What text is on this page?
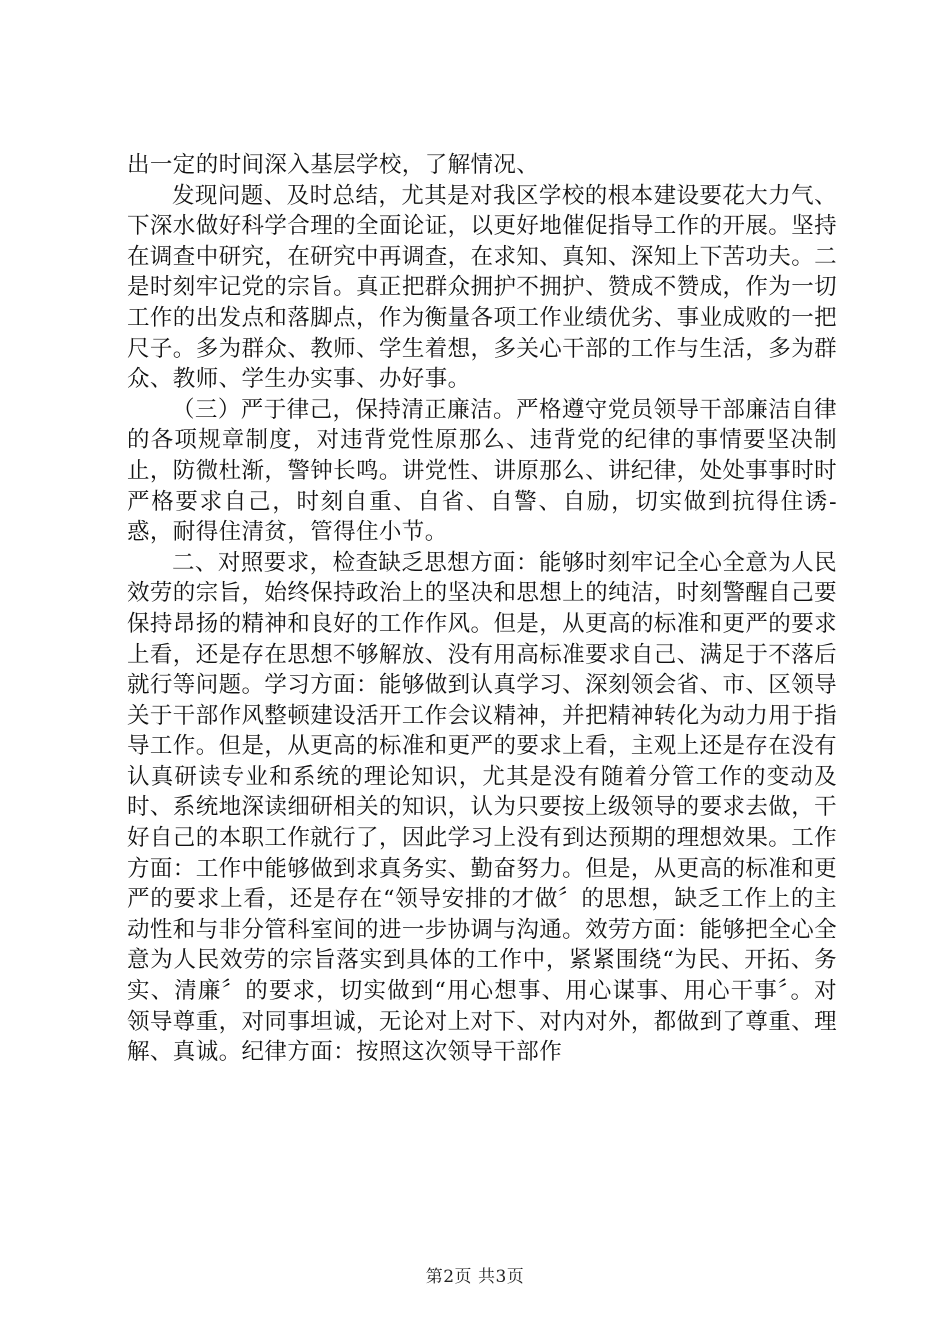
出一定的时间深入基层学校，了解情况、

发现问题、及时总结，尤其是对我区学校的根本建设要花大力气、下深水做好科学合理的全面论证，以更好地催促指导工作的开展。坚持在调查中研究，在研究中再调查，在求知、真知、深知上下苦功夫。二是时刻牢记党的宗旨。真正把群众拥护不拥护、赞成不赞成，作为一切工作的出发点和落脚点，作为衡量各项工作业绩优劣、事业成败的一把尺子。多为群众、教师、学生着想，多关心干部的工作与生活，多为群众、教师、学生办实事、办好事。

（三）严于律己，保持清正廉洁。严格遵守党员领导干部廉洁自律的各项规章制度，对违背党性原那么、违背党的纪律的事情要坚决制止，防微杜渐，警钟长鸣。讲党性、讲原那么、讲纪律，处处事事时时严格要求自己，时刻自重、自省、自警、自励，切实做到抗得住诱-惑，耐得住清贫，管得住小节。

二、对照要求，检查缺乏思想方面：能够时刻牢记全心全意为人民效劳的宗旨，始终保持政治上的坚决和思想上的纯洁，时刻警醒自己要保持昂扬的精神和良好的工作作风。但是，从更高的标准和更严的要求上看，还是存在思想不够解放、没有用高标准要求自己、满足于不落后就行等问题。学习方面：能够做到认真学习、深刻领会省、市、区领导关于干部作风整顿建设活开工作会议精神，并把精神转化为动力用于指导工作。但是，从更高的标准和更严的要求上看，主观上还是存在没有认真研读专业和系统的理论知识，尤其是没有随着分管工作的变动及时、系统地深读细研相关的知识，认为只要按上级领导的要求去做，干好自己的本职工作就行了，因此学习上没有到达预期的理想效果。工作方面：工作中能够做到求真务实、勤奋努力。但是，从更高的标准和更严的要求上看，还是存在“领导安排的才做〞的思想，缺乏工作上的主动性和与非分管科室间的进一步协调与沟通。效劳方面：能够把全心全意为人民效劳的宗旨落实到具体的工作中，紧紧围绕“为民、开拓、务实、清廉〞的要求，切实做到“用心想事、用心谋事、用心干事〞。对领导尊重，对同事坦诚，无论对上对下、对内对外，都做到了尊重、理解、真诚。纪律方面：按照这次领导干部作

第2页 共3页
